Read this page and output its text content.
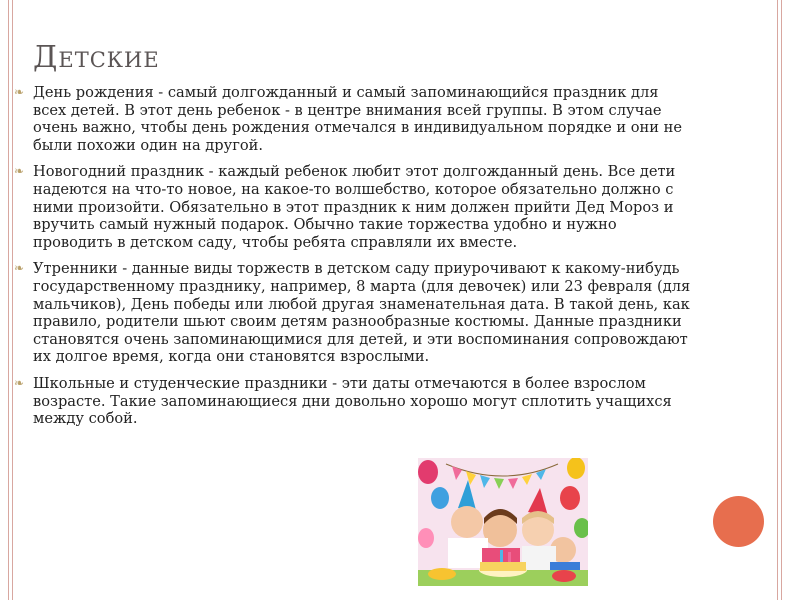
Детские
❧ День рождения - самый долгожданный и самый запоминающийся праздник для всех детей. В этот день ребенок - в центре внимания всей группы. В этом случае очень важно, чтобы день рождения отмечался в индивидуальном порядке и они не были похожи один на другой.
❧ Новогодний праздник - каждый ребенок любит этот долгожданный день. Все дети надеются на что-то новое, на какое-то волшебство, которое обязательно должно с ними произойти. Обязательно в этот праздник к ним должен прийти Дед Мороз и вручить самый нужный подарок. Обычно такие торжества удобно и нужно проводить в детском саду, чтобы ребята справляли их вместе.
❧ Утренники - данные виды торжеств в детском саду приурочивают к какому-нибудь государственному празднику, например, 8 марта (для девочек) или 23 февраля (для мальчиков), День победы или любой другая знаменательная дата. В такой день, как правило, родители шьют своим детям разнообразные костюмы. Данные праздники становятся очень запоминающимися для детей, и эти воспоминания сопровождают их долгое время, когда они становятся взрослыми.
❧ Школьные и студенческие праздники - эти даты отмечаются в более взрослом возрасте. Такие запоминающиеся дни довольно хорошо могут сплотить учащихся между собой.
